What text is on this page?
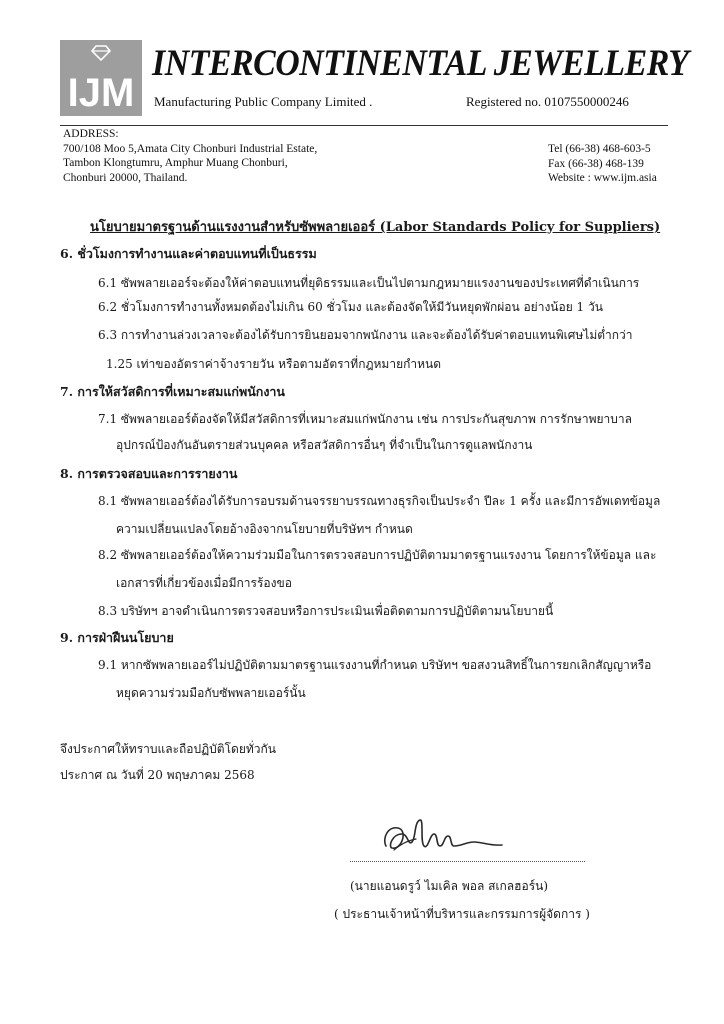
IJM
INTERCONTINENTAL JEWELLERY
Manufacturing Public Company Limited .	Registered no. 0107550000246
ADDRESS:
700/108 Moo 5,Amata City Chonburi Industrial Estate,
Tambon Klongtumru, Amphur Muang Chonburi,
Chonburi 20000, Thailand.
Tel (66-38) 468-603-5
Fax (66-38) 468-139
Website : www.ijm.asia
นโยบายมาตรฐานด้านแรงงานสำหรับซัพพลายเออร์ (Labor Standards Policy for Suppliers)
6. ชั่วโมงการทำงานและค่าตอบแทนที่เป็นธรรม
6.1 ซัพพลายเออร์จะต้องให้ค่าตอบแทนที่ยุติธรรมและเป็นไปตามกฎหมายแรงงานของประเทศที่ดำเนินการ
6.2 ชั่วโมงการทำงานทั้งหมดต้องไม่เกิน 60 ชั่วโมง และต้องจัดให้มีวันหยุดพักผ่อน อย่างน้อย 1 วัน
6.3 การทำงานล่วงเวลาจะต้องได้รับการยินยอมจากพนักงาน และจะต้องได้รับค่าตอบแทนพิเศษไม่ต่ำกว่า
1.25 เท่าของอัตราค่าจ้างรายวัน หรือตามอัตราที่กฎหมายกำหนด
7. การให้สวัสดิการที่เหมาะสมแก่พนักงาน
7.1 ซัพพลายเออร์ต้องจัดให้มีสวัสดิการที่เหมาะสมแก่พนักงาน เช่น การประกันสุขภาพ การรักษาพยาบาล
อุปกรณ์ป้องกันอันตรายส่วนบุคคล หรือสวัสดิการอื่นๆ ที่จำเป็นในการดูแลพนักงาน
8. การตรวจสอบและการรายงาน
8.1 ซัพพลายเออร์ต้องได้รับการอบรมด้านจรรยาบรรณทางธุรกิจเป็นประจำ ปีละ 1 ครั้ง และมีการอัพเดทข้อมูล
ความเปลี่ยนแปลงโดยอ้างอิงจากนโยบายที่บริษัทฯ กำหนด
8.2 ซัพพลายเออร์ต้องให้ความร่วมมือในการตรวจสอบการปฏิบัติตามมาตรฐานแรงงาน โดยการให้ข้อมูล และ
เอกสารที่เกี่ยวข้องเมื่อมีการร้องขอ
8.3 บริษัทฯ อาจดำเนินการตรวจสอบหรือการประเมินเพื่อติดตามการปฏิบัติตามนโยบายนี้
9. การฝ่าฝืนนโยบาย
9.1 หากซัพพลายเออร์ไม่ปฏิบัติตามมาตรฐานแรงงานที่กำหนด บริษัทฯ ขอสงวนสิทธิ์ในการยกเลิกสัญญาหรือ
หยุดความร่วมมือกับซัพพลายเออร์นั้น
จึงประกาศให้ทราบและถือปฏิบัติโดยทั่วกัน
ประกาศ ณ วันที่ 20 พฤษภาคม 2568
(นายแอนดรูว์ ไมเคิล พอล สเกลฮอร์น)
( ประธานเจ้าหน้าที่บริหารและกรรมการผู้จัดการ )
